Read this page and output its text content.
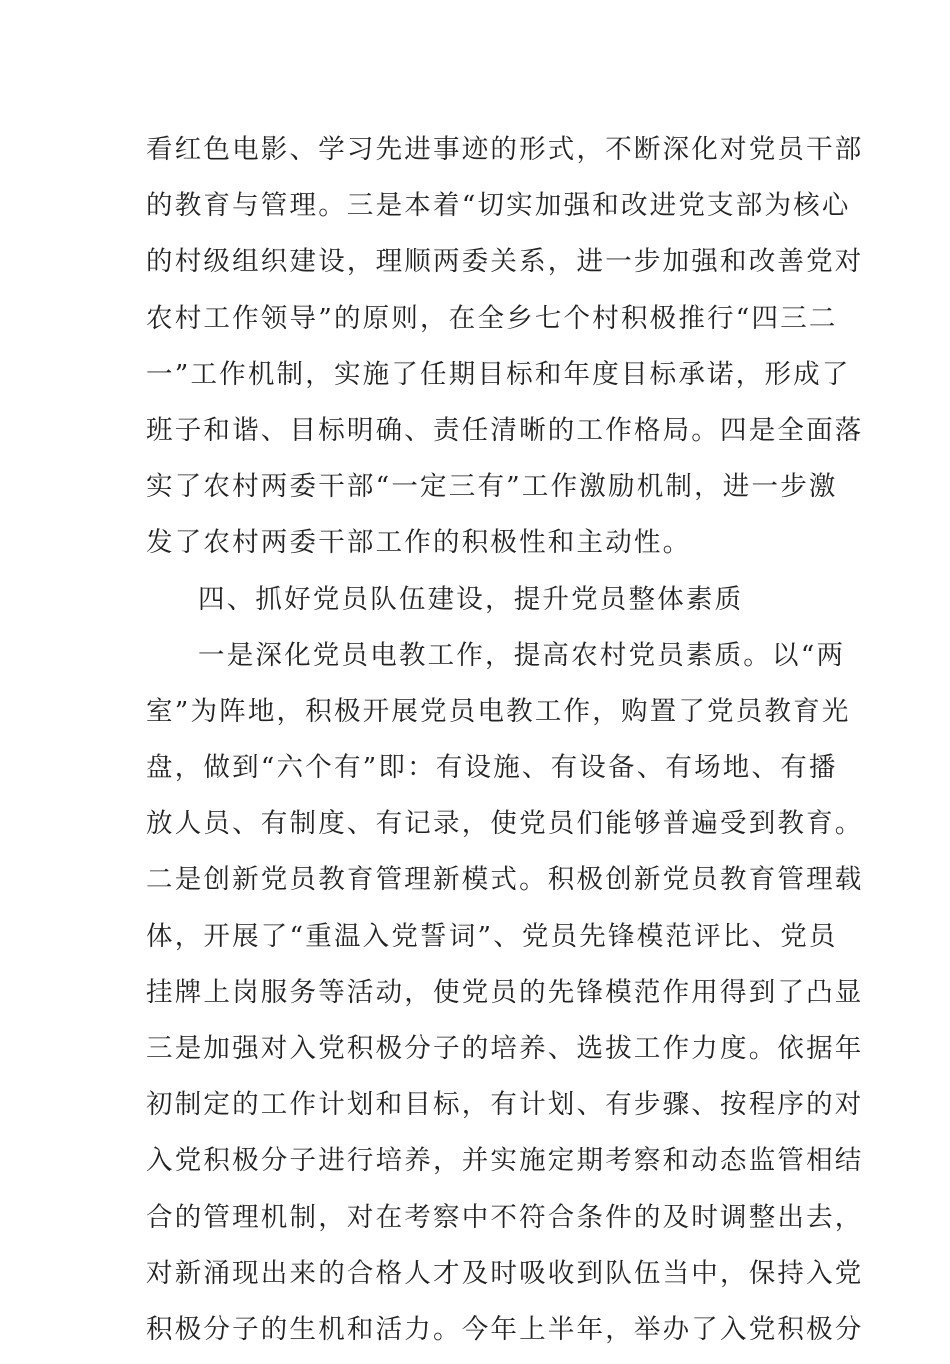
看红色电影、学习先进事迹的形式，不断深化对党员干部
的教育与管理。三是本着“切实加强和改进党支部为核心
的村级组织建设，理顺两委关系，进一步加强和改善党对
农村工作领导”的原则，在全乡七个村积极推行“四三二
一”工作机制，实施了任期目标和年度目标承诺，形成了
班子和谐、目标明确、责任清晰的工作格局。四是全面落
实了农村两委干部“一定三有”工作激励机制，进一步激
发了农村两委干部工作的积极性和主动性。
四、抓好党员队伍建设，提升党员整体素质
一是深化党员电教工作，提高农村党员素质。以“两
室”为阵地，积极开展党员电教工作，购置了党员教育光
盘，做到“六个有”即：有设施、有设备、有场地、有播
放人员、有制度、有记录，使党员们能够普遍受到教育。
二是创新党员教育管理新模式。积极创新党员教育管理载
体，开展了“重温入党誓词”、党员先锋模范评比、党员
挂牌上岗服务等活动，使党员的先锋模范作用得到了凸显
三是加强对入党积极分子的培养、选拔工作力度。依据年
初制定的工作计划和目标，有计划、有步骤、按程序的对
入党积极分子进行培养，并实施定期考察和动态监管相结
合的管理机制，对在考察中不符合条件的及时调整出去，
对新涌现出来的合格人才及时吸收到队伍当中，保持入党
积极分子的生机和活力。今年上半年，举办了入党积极分
